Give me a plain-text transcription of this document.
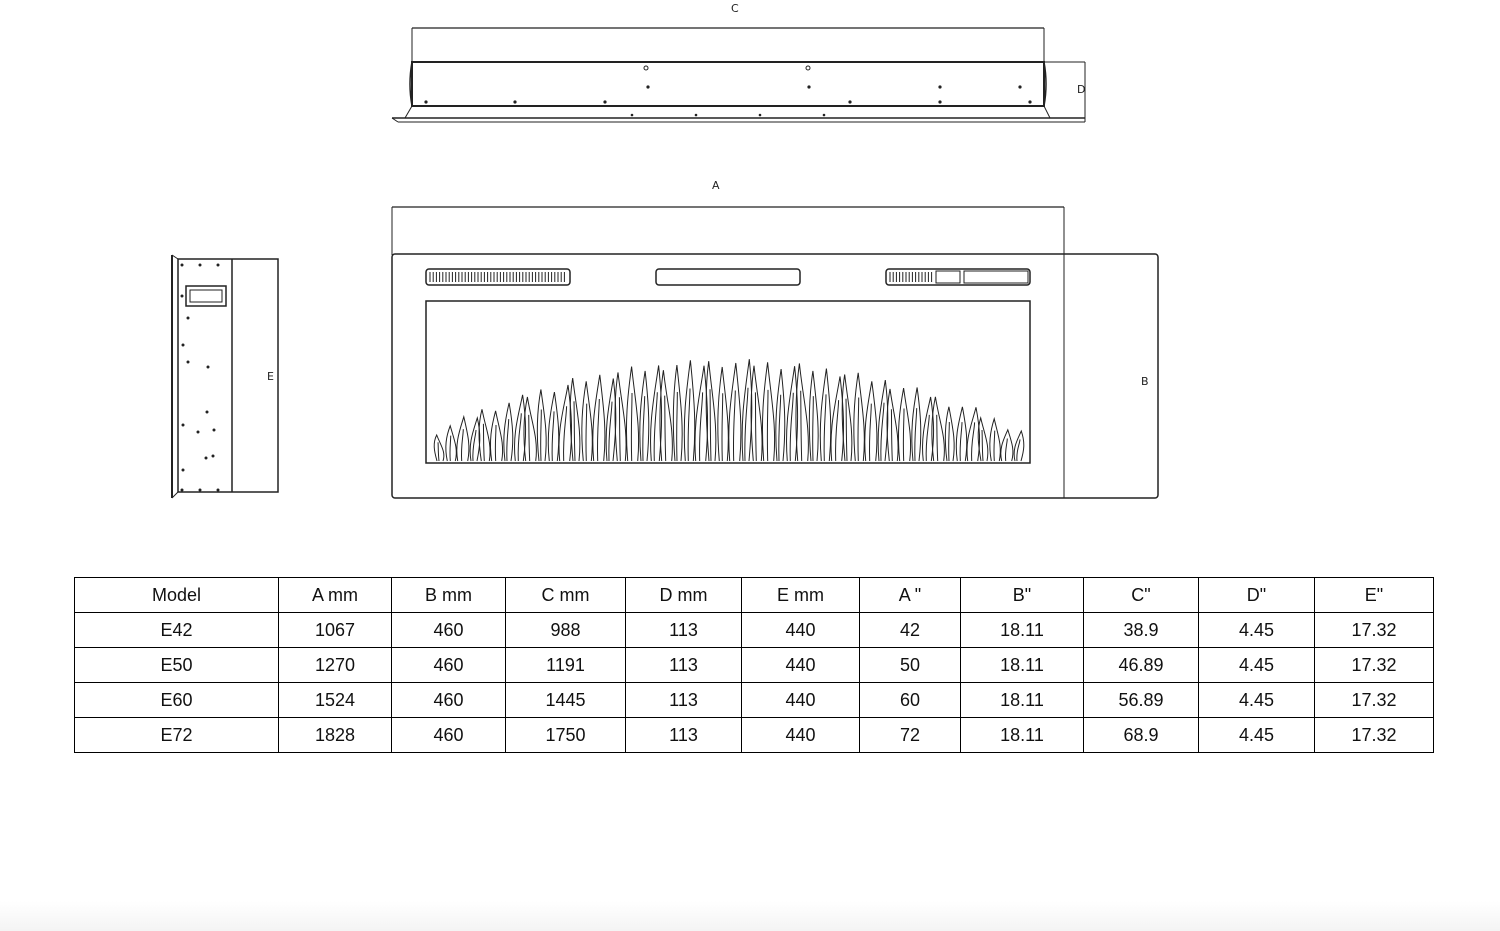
C
D
A
B
E
Model	A mm	B mm	C mm	D mm	E mm	A "	B"	C"	D"	E"
E42	1067	460	988	113	440	42	18.11	38.9	4.45	17.32
E50	1270	460	1191	113	440	50	18.11	46.89	4.45	17.32
E60	1524	460	1445	113	440	60	18.11	56.89	4.45	17.32
E72	1828	460	1750	113	440	72	18.11	68.9	4.45	17.32
